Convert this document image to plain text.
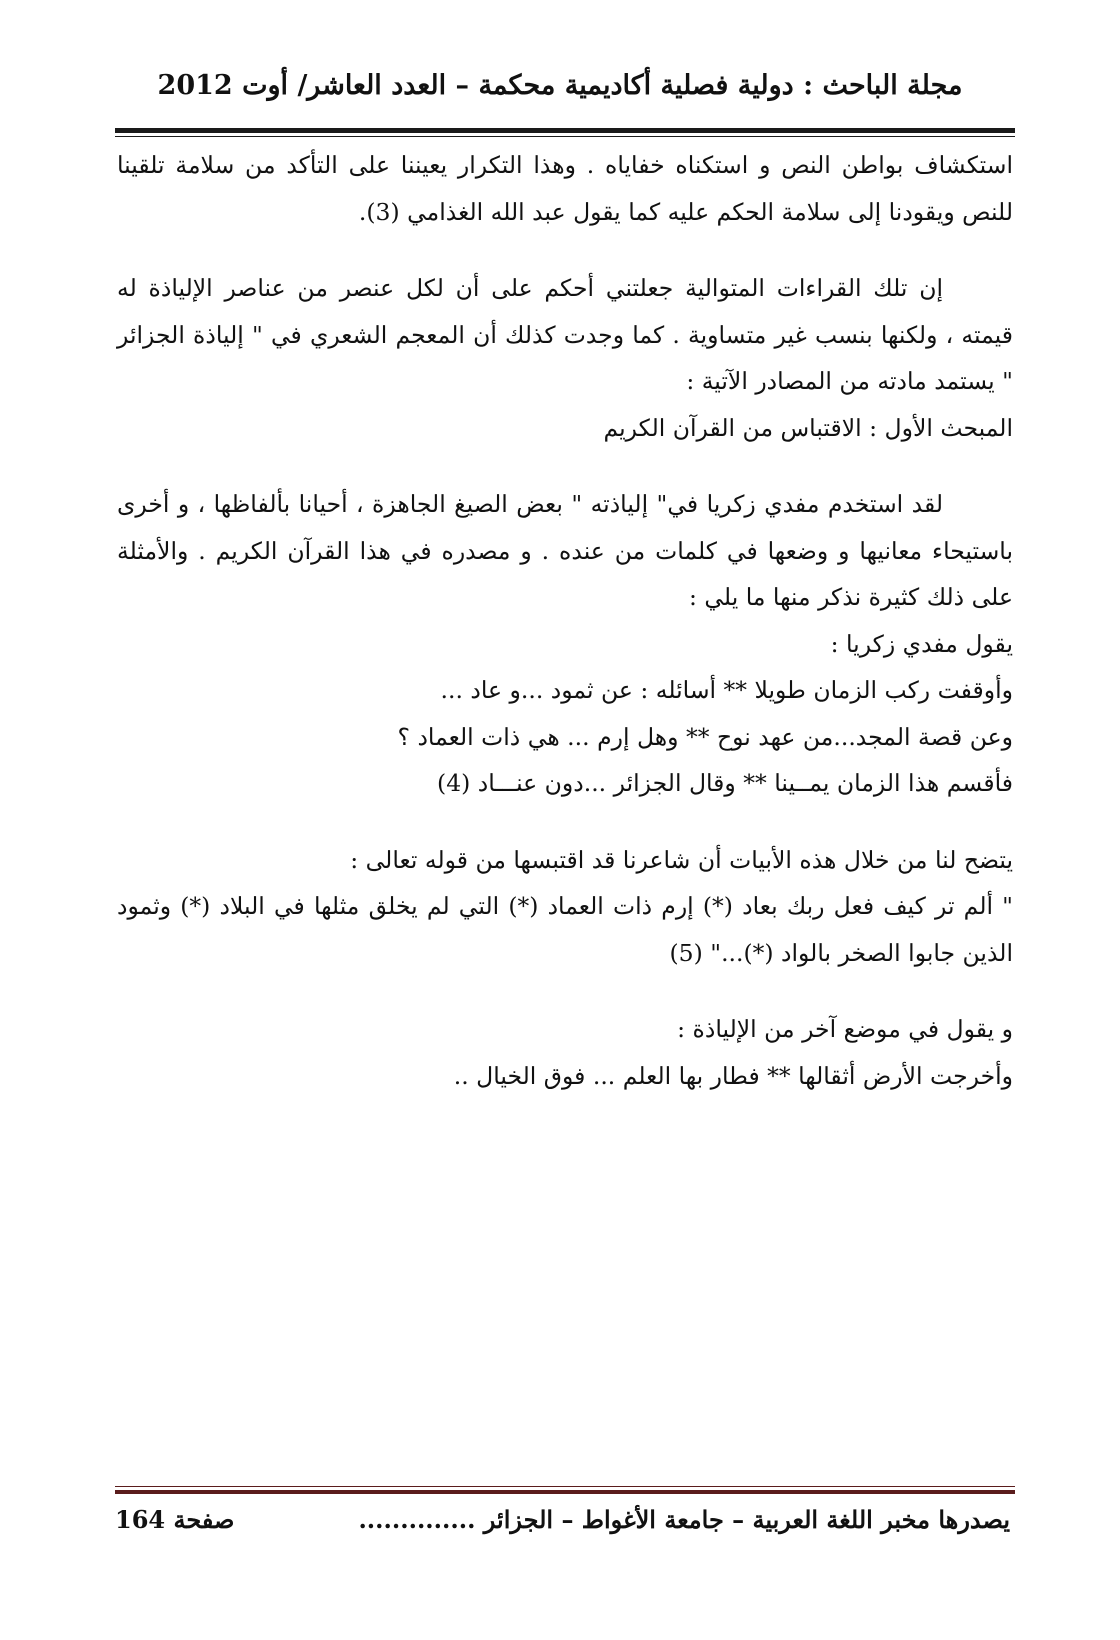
مجلة الباحث : دولية فصلية أكاديمية محكمة – العدد العاشر/ أوت 2012

استكشاف بواطن النص و استكناه خفاياه . وهذا التكرار يعيننا على التأكد من سلامة تلقينا للنص ويقودنا إلى سلامة الحكم عليه كما يقول عبد الله الغذامي (3).

إن تلك القراءات المتوالية جعلتني أحكم على أن لكل عنصر من عناصر الإلياذة له قيمته ، ولكنها بنسب غير متساوية . كما وجدت كذلك أن المعجم الشعري في " إلياذة الجزائر " يستمد مادته من المصادر الآتية :

المبحث الأول : الاقتباس من القرآن الكريم

لقد استخدم مفدي زكريا في" إلياذته " بعض الصيغ الجاهزة ، أحيانا بألفاظها ، و أخرى باستيحاء معانيها و وضعها في كلمات من عنده . و مصدره في هذا القرآن الكريم . والأمثلة على ذلك كثيرة نذكر منها ما يلي :

يقول مفدي زكريا :

وأوقفت ركب الزمان طويلا ** أسائله : عن ثمود ...و عاد ...

وعن قصة المجد...من عهد نوح ** وهل إرم ... هي ذات العماد ؟

فأقسم هذا الزمان يمــينا ** وقال الجزائر ...دون عنـــاد (4)

يتضح لنا من خلال هذه الأبيات أن شاعرنا قد اقتبسها من قوله تعالى :

" ألم تر كيف فعل ربك بعاد (*) إرم ذات العماد (*) التي لم يخلق مثلها في البلاد (*) وثمود الذين جابوا الصخر بالواد (*)..." (5)

و يقول في موضع آخر من الإلياذة :

وأخرجت الأرض أثقالها ** فطار بها العلم ... فوق الخيال ..

يصدرها مخبر اللغة العربية – جامعة الأغواط – الجزائر ..............
صفحة 164
